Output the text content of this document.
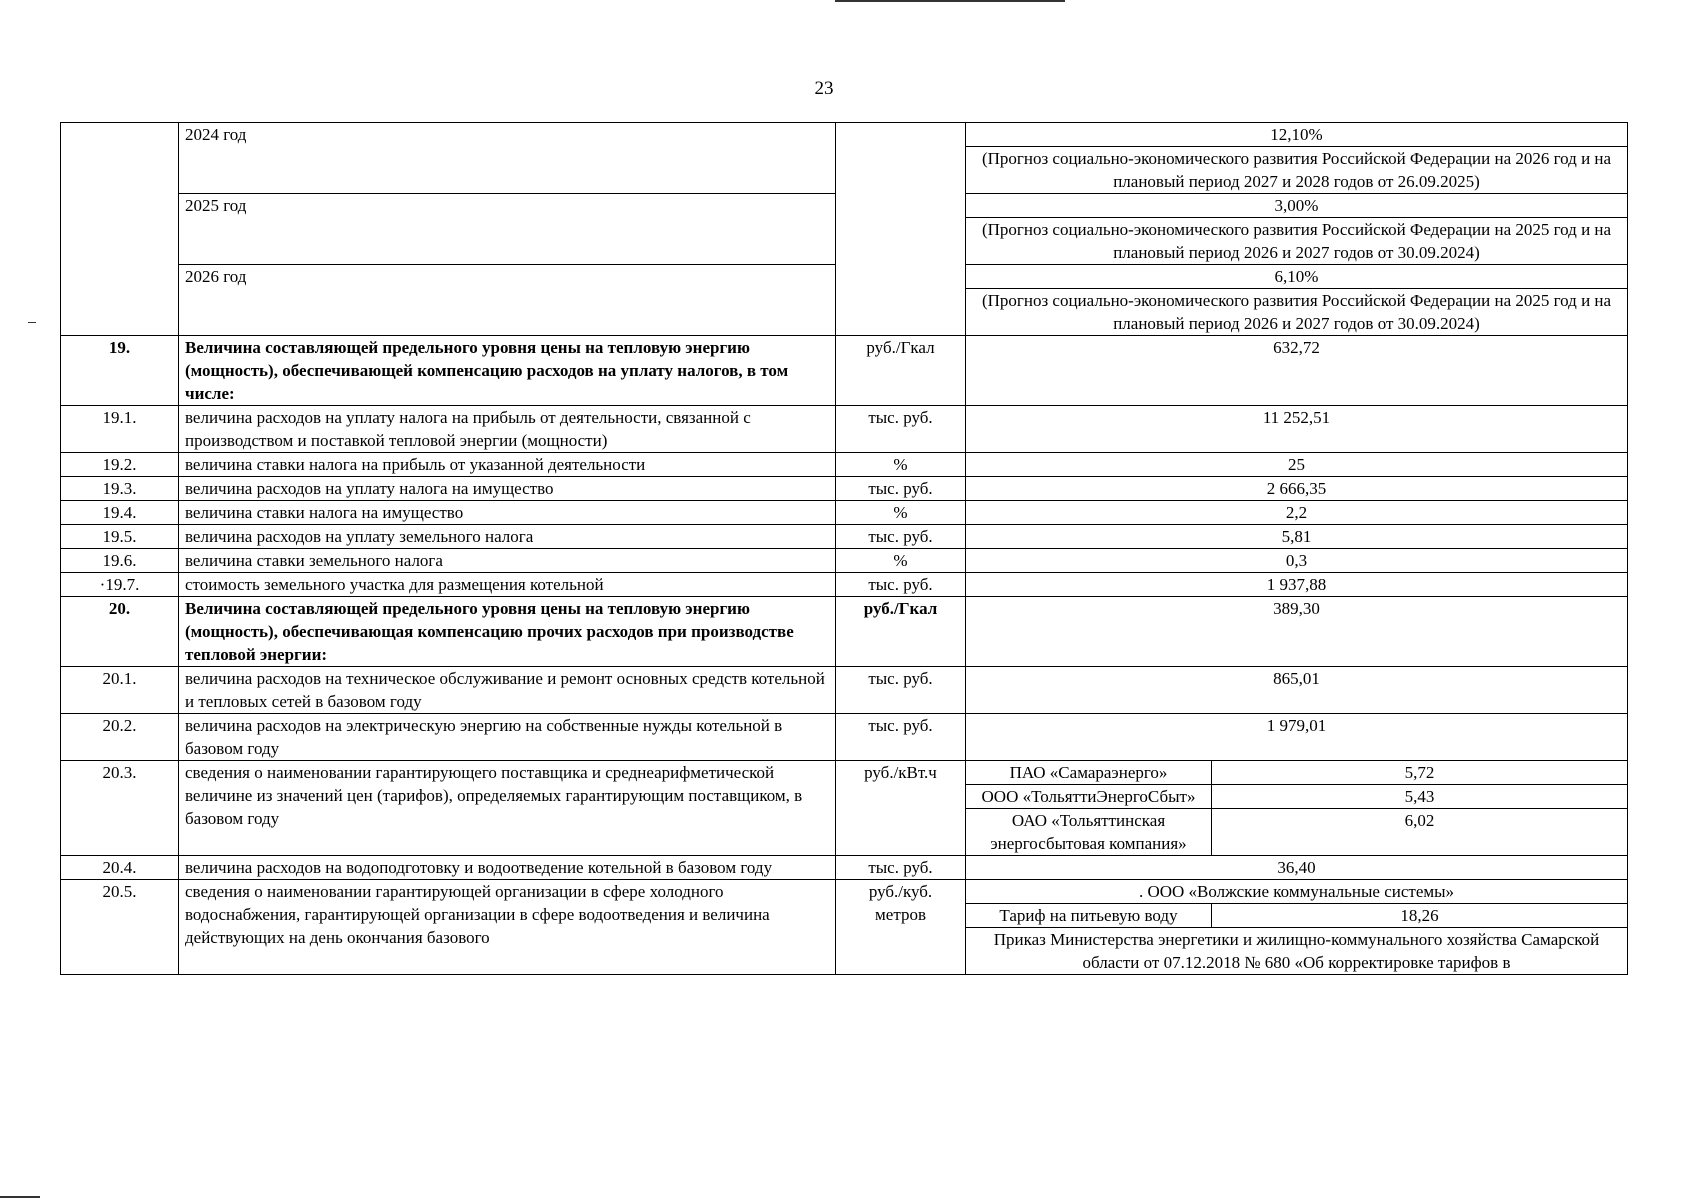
23
	2024 год		12,10%	
			(Прогноз социально-экономического развития Российской Федерации на 2026 год и на плановый период 2027 и 2028 годов от 26.09.2025)	
	2025 год		3,00%	
			(Прогноз социально-экономического развития Российской Федерации на 2025 год и на плановый период 2026 и 2027 годов от 30.09.2024)	
	2026 год		6,10%	
			(Прогноз социально-экономического развития Российской Федерации на 2025 год и на плановый период 2026 и 2027 годов от 30.09.2024)	
19.	Величина составляющей предельного уровня цены на тепловую энергию (мощность), обеспечивающей компенсацию расходов на уплату налогов, в том числе:	руб./Гкал	632,72	
19.1.	величина расходов на уплату налога на прибыль от деятельности, связанной с производством и поставкой тепловой энергии (мощности)	тыс. руб.	11 252,51	
19.2.	величина ставки налога на прибыль от указанной деятельности	%	25	
19.3.	величина расходов на уплату налога на имущество	тыс. руб.	2 666,35	
19.4.	величина ставки налога на имущество	%	2,2	
19.5.	величина расходов на уплату земельного налога	тыс. руб.	5,81	
19.6.	величина ставки земельного налога	%	0,3	
·19.7.	стоимость земельного участка для размещения котельной	тыс. руб.	1 937,88	
20.	Величина составляющей предельного уровня цены на тепловую энергию (мощность), обеспечивающая компенсацию прочих расходов при производстве тепловой энергии:	руб./Гкал	389,30	
20.1.	величина расходов на техническое обслуживание и ремонт основных средств котельной и тепловых сетей в базовом году	тыс. руб.	865,01	
20.2.	величина расходов на электрическую энергию на собственные нужды котельной в базовом году	тыс. руб.	1 979,01	
20.3.	сведения о наименовании гарантирующего поставщика и среднеарифметической величине из значений цен (тарифов), определяемых гарантирующим поставщиком, в базовом году	руб./кВт.ч	ПАО «Самараэнерго»	5,72
			ООО «ТольяттиЭнергоСбыт»	5,43
			ОАО «Тольяттинская энергосбытовая компания»	6,02
20.4.	величина расходов на водоподготовку и водоотведение котельной в базовом году	тыс. руб.	36,40	
20.5.	сведения о наименовании гарантирующей организации в сфере холодного водоснабжения, гарантирующей организации в сфере водоотведения и величина действующих на день окончания базового	руб./куб. метров	. ООО «Волжские коммунальные системы»	
			Тариф на питьевую воду	18,26
			Приказ Министерства энергетики и жилищно-коммунального хозяйства Самарской области от 07.12.2018 № 680 «Об корректировке тарифов в	
